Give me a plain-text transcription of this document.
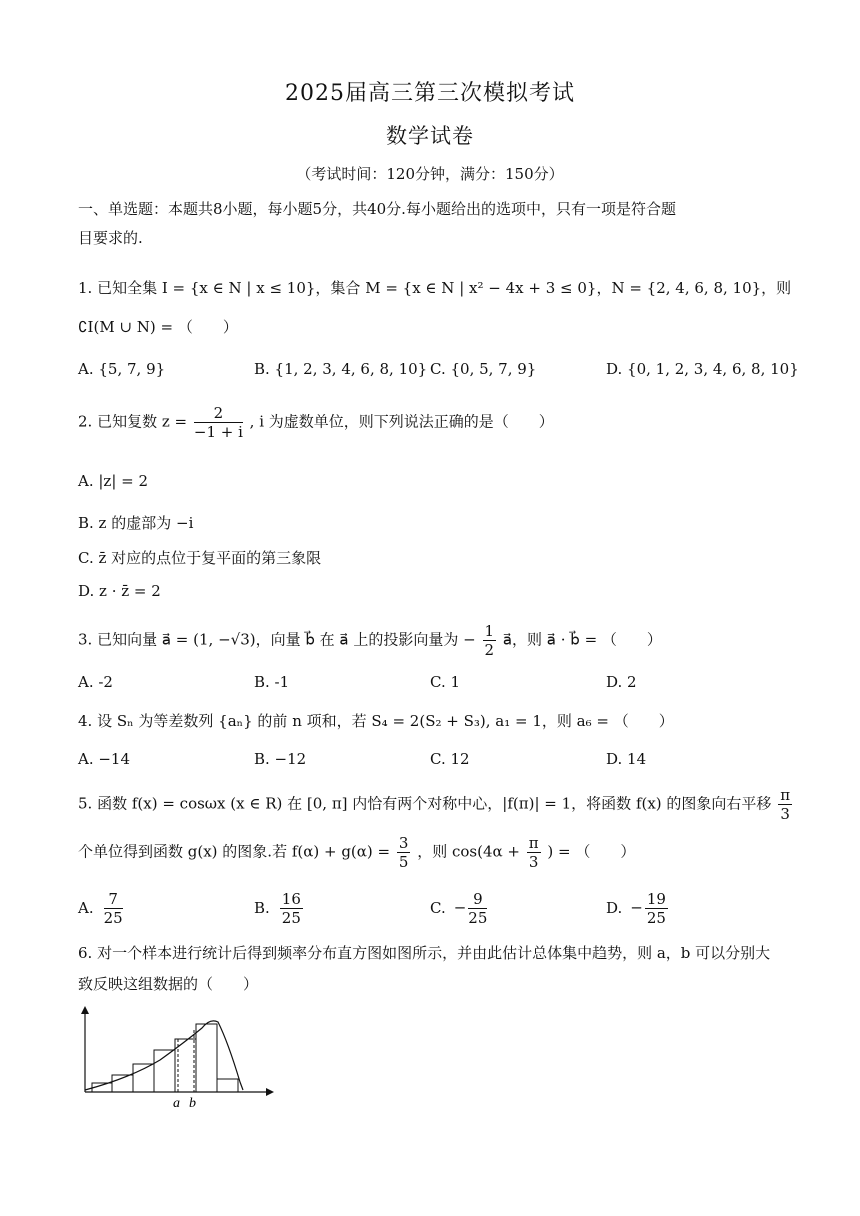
2025届高三第三次模拟考试
数学试卷
（考试时间：120分钟，满分：150分）
一、单选题：本题共8小题，每小题5分，共40分.每小题给出的选项中，只有一项是符合题
目要求的.
1. 已知全集 I = {x ∈ N | x ≤ 10}，集合 M = {x ∈ N | x² − 4x + 3 ≤ 0}，N = {2, 4, 6, 8, 10}，则
∁I(M ∪ N) = （　　）
A. {5, 7, 9}	B. {1, 2, 3, 4, 6, 8, 10} C. {0, 5, 7, 9}	D. {0, 1, 2, 3, 4, 6, 8, 10}
2. 已知复数 $z = \frac{2}{-1 + i}$ , i 为虚数单位，则下列说法正确的是（　　）
A. |z| = 2
B. z 的虚部为 −i
C. z̄ 对应的点位于复平面的第三象限
D. z · z̄ = 2
3. 已知向量 a⃗ = (1, −√3)，向量 b⃗ 在 a⃗ 上的投影向量为 − $\frac{1}{2}$ a⃗，则 a⃗ · b⃗ = （　　）
A. -2	B. -1	C. 1	D. 2
4. 设 Sₙ 为等差数列 {aₙ} 的前 n 项和，若 S₄ = 2(S₂ + S₃), a₁ = 1，则 a₆ = （　　）
A. −14	B. −12	C. 12	D. 14
5. 函数 f(x) = cosωx (x ∈ R) 在 [0, π] 内恰有两个对称中心，|f(π)| = 1，将函数 f(x) 的图象向右平移 $\frac{\pi}{3}$
个单位得到函数 g(x) 的图象.若 $f(\alpha) + g(\alpha) = \frac{3}{5}$ ，则 $\cos(4\alpha + \frac{\pi}{3}$ ) = （　　）
A. $\frac{7}{25}$	B. $\frac{16}{25}$	C. − $\frac{9}{25}$	D. − $\frac{19}{25}$
6. 对一个样本进行统计后得到频率分布直方图如图所示，并由此估计总体集中趋势，则 a，b 可以分别大
致反映这组数据的（　　）
a b
